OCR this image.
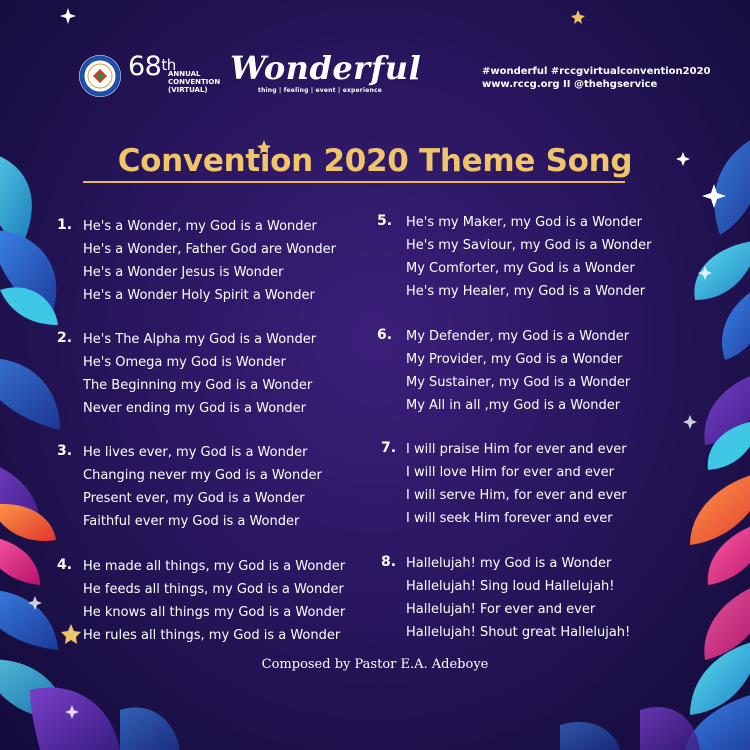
68th
ANNUAL CONVENTION (VIRTUAL)
Wonderful
thing | feeling | event | experience
#wonderful #rccgvirtualconvention2020
www.rccg.org II @thehgservice
Convention 2020 Theme Song
1. He's a Wonder, my God is a Wonder
He's a Wonder, Father God are Wonder
He's a Wonder Jesus is Wonder
He's a Wonder Holy Spirit a Wonder
2. He's The Alpha my God is a Wonder
He's Omega my God is Wonder
The Beginning my God is a Wonder
Never ending my God is a Wonder
3. He lives ever, my God is a Wonder
Changing never my God is a Wonder
Present ever, my God is a Wonder
Faithful ever my God is a Wonder
4. He made all things, my God is a Wonder
He feeds all things, my God is a Wonder
He knows all things my God is a Wonder
He rules all things, my God is a Wonder
5. He's my Maker, my God is a Wonder
He's my Saviour, my God is a Wonder
My Comforter, my God is a Wonder
He's my Healer, my God is a Wonder
6. My Defender, my God is a Wonder
My Provider, my God is a Wonder
My Sustainer, my God is a Wonder
My All in all ,my God is a Wonder
7. I will praise Him for ever and ever
I will love Him for ever and ever
I will serve Him, for ever and ever
I will seek Him forever and ever
8. Hallelujah! my God is a Wonder
Hallelujah! Sing loud Hallelujah!
Hallelujah! For ever and ever
Hallelujah! Shout great Hallelujah!
Composed by Pastor E.A. Adeboye
